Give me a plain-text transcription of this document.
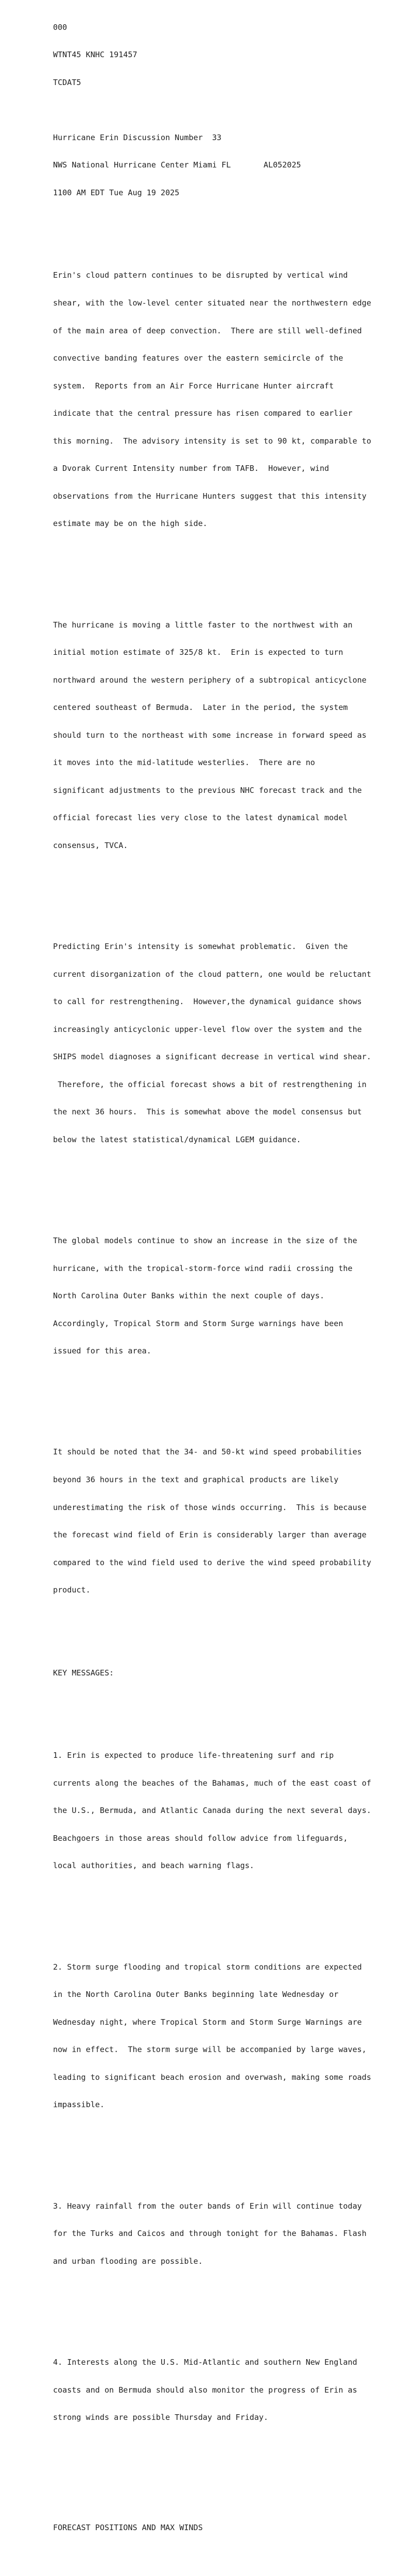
000

WTNT45 KNHC 191457

TCDAT5

Hurricane Erin Discussion Number  33

NWS National Hurricane Center Miami FL       AL052025

1100 AM EDT Tue Aug 19 2025

Erin's cloud pattern continues to be disrupted by vertical wind

shear, with the low-level center situated near the northwestern edge

of the main area of deep convection.  There are still well-defined

convective banding features over the eastern semicircle of the

system.  Reports from an Air Force Hurricane Hunter aircraft

indicate that the central pressure has risen compared to earlier

this morning.  The advisory intensity is set to 90 kt, comparable to

a Dvorak Current Intensity number from TAFB.  However, wind

observations from the Hurricane Hunters suggest that this intensity

estimate may be on the high side.

The hurricane is moving a little faster to the northwest with an

initial motion estimate of 325/8 kt.  Erin is expected to turn

northward around the western periphery of a subtropical anticyclone

centered southeast of Bermuda.  Later in the period, the system

should turn to the northeast with some increase in forward speed as

it moves into the mid-latitude westerlies.  There are no

significant adjustments to the previous NHC forecast track and the

official forecast lies very close to the latest dynamical model

consensus, TVCA.

Predicting Erin's intensity is somewhat problematic.  Given the

current disorganization of the cloud pattern, one would be reluctant

to call for restrengthening.  However,the dynamical guidance shows

increasingly anticyclonic upper-level flow over the system and the

SHIPS model diagnoses a significant decrease in vertical wind shear.

Therefore, the official forecast shows a bit of restrengthening in

the next 36 hours.  This is somewhat above the model consensus but

below the latest statistical/dynamical LGEM guidance.

The global models continue to show an increase in the size of the

hurricane, with the tropical-storm-force wind radii crossing the

North Carolina Outer Banks within the next couple of days.

Accordingly, Tropical Storm and Storm Surge warnings have been

issued for this area.

It should be noted that the 34- and 50-kt wind speed probabilities

beyond 36 hours in the text and graphical products are likely

underestimating the risk of those winds occurring.  This is because

the forecast wind field of Erin is considerably larger than average

compared to the wind field used to derive the wind speed probability

product.

KEY MESSAGES:

1. Erin is expected to produce life-threatening surf and rip

currents along the beaches of the Bahamas, much of the east coast of

the U.S., Bermuda, and Atlantic Canada during the next several days.

Beachgoers in those areas should follow advice from lifeguards,

local authorities, and beach warning flags.

2. Storm surge flooding and tropical storm conditions are expected

in the North Carolina Outer Banks beginning late Wednesday or

Wednesday night, where Tropical Storm and Storm Surge Warnings are

now in effect.  The storm surge will be accompanied by large waves,

leading to significant beach erosion and overwash, making some roads

impassible.

3. Heavy rainfall from the outer bands of Erin will continue today

for the Turks and Caicos and through tonight for the Bahamas. Flash

and urban flooding are possible.

4. Interests along the U.S. Mid-Atlantic and southern New England

coasts and on Bermuda should also monitor the progress of Erin as

strong winds are possible Thursday and Friday.

FORECAST POSITIONS AND MAX WINDS
